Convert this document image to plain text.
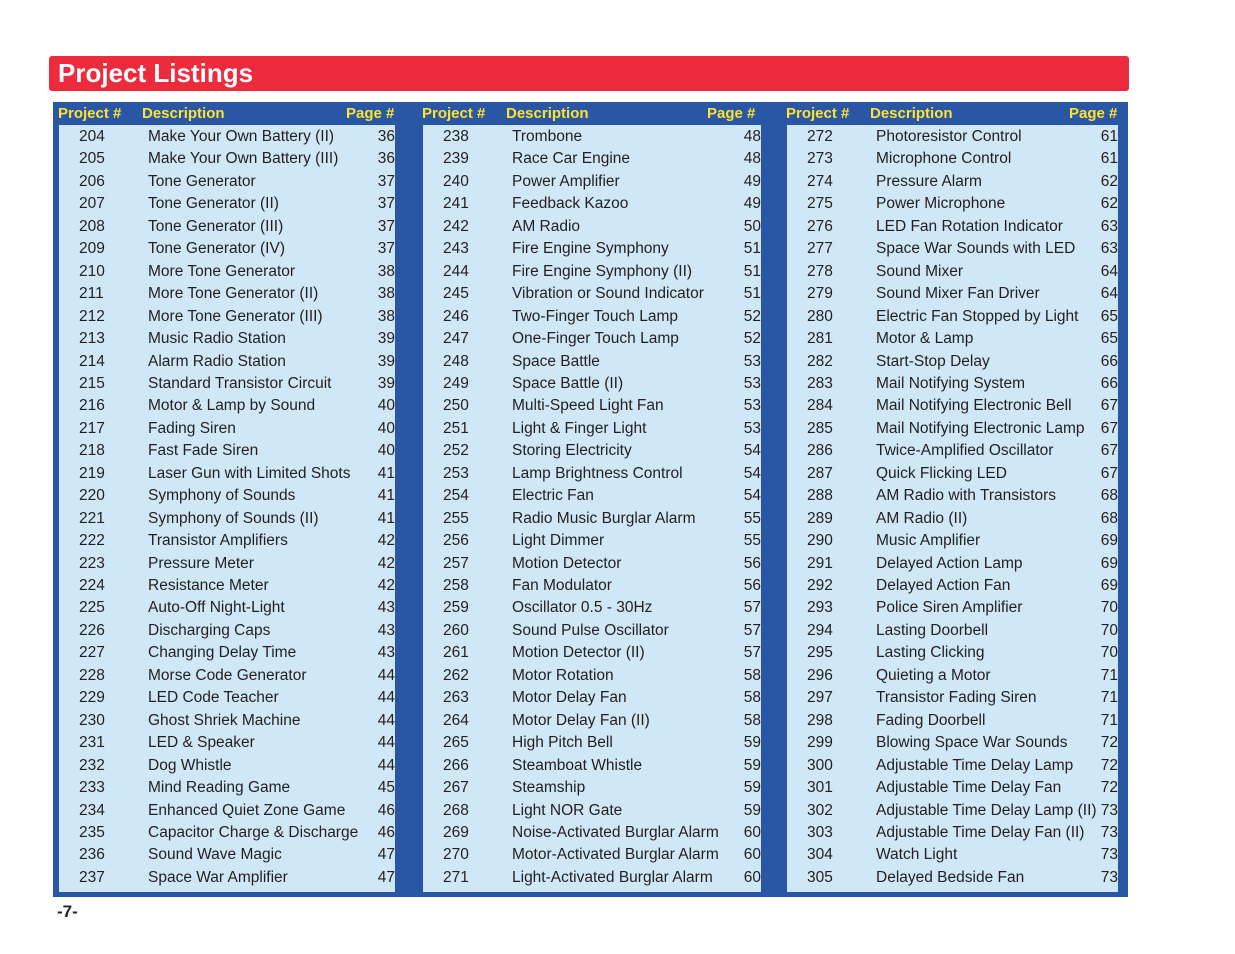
Project Listings
Project # Description	Page #
204	Make Your Own Battery (II)	36
205	Make Your Own Battery (III)	36
206	Tone Generator	37
207	Tone Generator (II)	37
208	Tone Generator (III)	37
209	Tone Generator (IV)	37
210	More Tone Generator	38
211	More Tone Generator (II)	38
212	More Tone Generator (III)	38
213	Music Radio Station	39
214	Alarm Radio Station	39
215	Standard Transistor Circuit	39
216	Motor & Lamp by Sound	40
217	Fading Siren	40
218	Fast Fade Siren	40
219	Laser Gun with Limited Shots 41
220	Symphony of Sounds	41
221	Symphony of Sounds (II)	41
222	Transistor Amplifiers	42
223	Pressure Meter	42
224	Resistance Meter	42
225	Auto-Off Night-Light	43
226	Discharging Caps	43
227	Changing Delay Time	43
228	Morse Code Generator	44
229	LED Code Teacher	44
230	Ghost Shriek Machine	44
231	LED & Speaker	44
232	Dog Whistle	44
233	Mind Reading Game	45
234	Enhanced Quiet Zone Game 46
235	Capacitor Charge & Discharge 46
236	Sound Wave Magic	47
237	Space War Amplifier	47
Project # Description	Page #
238	Trombone	48
239	Race Car Engine	48
240	Power Amplifier	49
241	Feedback Kazoo	49
242	AM Radio	50
243	Fire Engine Symphony	51
244	Fire Engine Symphony (II)	51
245	Vibration or Sound Indicator	51
246	Two-Finger Touch Lamp	52
247	One-Finger Touch Lamp	52
248	Space Battle	53
249	Space Battle (II)	53
250	Multi-Speed Light Fan	53
251	Light & Finger Light	53
252	Storing Electricity	54
253	Lamp Brightness Control	54
254	Electric Fan	54
255	Radio Music Burglar Alarm	55
256	Light Dimmer	55
257	Motion Detector	56
258	Fan Modulator	56
259	Oscillator 0.5 - 30Hz	57
260	Sound Pulse Oscillator	57
261	Motion Detector (II)	57
262	Motor Rotation	58
263	Motor Delay Fan	58
264	Motor Delay Fan (II)	58
265	High Pitch Bell	59
266	Steamboat Whistle	59
267	Steamship	59
268	Light NOR Gate	59
269	Noise-Activated Burglar Alarm 60
270	Motor-Activated Burglar Alarm 60
271	Light-Activated Burglar Alarm 60
Project # Description	Page #
272	Photoresistor Control	61
273	Microphone Control	61
274	Pressure Alarm	62
275	Power Microphone	62
276	LED Fan Rotation Indicator 63
277	Space War Sounds with LED 63
278	Sound Mixer	64
279	Sound Mixer Fan Driver	64
280	Electric Fan Stopped by Light 65
281	Motor & Lamp	65
282	Start-Stop Delay	66
283	Mail Notifying System	66
284	Mail Notifying Electronic Bell 67
285	Mail Notifying Electronic Lamp 67
286	Twice-Amplified Oscillator	67
287	Quick Flicking LED	67
288	AM Radio with Transistors	68
289	AM Radio (II)	68
290	Music Amplifier	69
291	Delayed Action Lamp	69
292	Delayed Action Fan	69
293	Police Siren Amplifier	70
294	Lasting Doorbell	70
295	Lasting Clicking	70
296	Quieting a Motor	71
297	Transistor Fading Siren	71
298	Fading Doorbell	71
299	Blowing Space War Sounds 72
300	Adjustable Time Delay Lamp 72
301	Adjustable Time Delay Fan	72
302	Adjustable Time Delay Lamp (II) 73
303	Adjustable Time Delay Fan (II) 73
304	Watch Light	73
305	Delayed Bedside Fan	73
-7-
